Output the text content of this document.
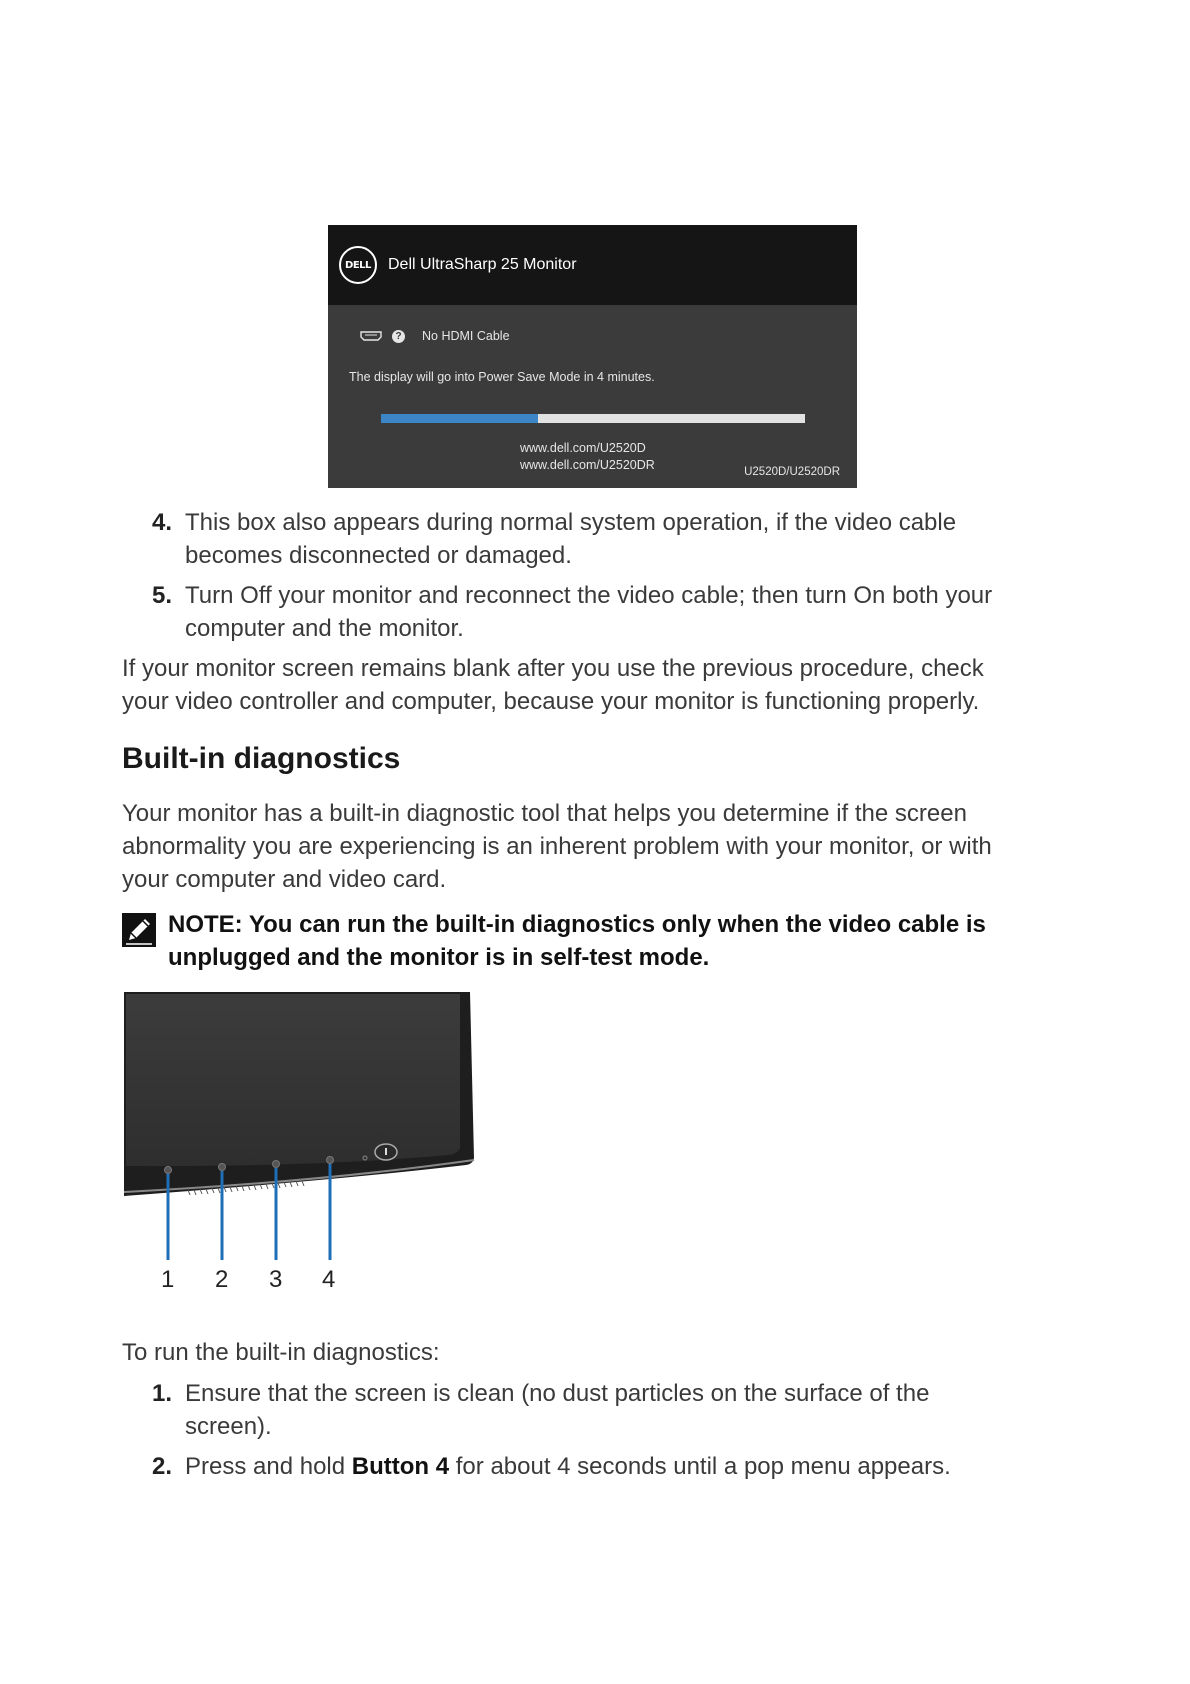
DELL	Dell UltraSharp 25 Monitor
? No HDMI Cable
The display will go into Power Save Mode in 4 minutes.
www.dell.com/U2520D
www.dell.com/U2520DR	U2520D/U2520DR
4. This box also appears during normal system operation, if the video cable
becomes disconnected or damaged.
5. Turn Off your monitor and reconnect the video cable; then turn On both your
computer and the monitor.
If your monitor screen remains blank after you use the previous procedure, check
your video controller and computer, because your monitor is functioning properly.
Built-in diagnostics
Your monitor has a built-in diagnostic tool that helps you determine if the screen
abnormality you are experiencing is an inherent problem with your monitor, or with
your computer and video card.
NOTE: You can run the built-in diagnostics only when the video cable is
unplugged and the monitor is in self-test mode.
1 2 3 4
To run the built-in diagnostics:
1. Ensure that the screen is clean (no dust particles on the surface of the
screen).
2. Press and hold Button 4 for about 4 seconds until a pop menu appears.
